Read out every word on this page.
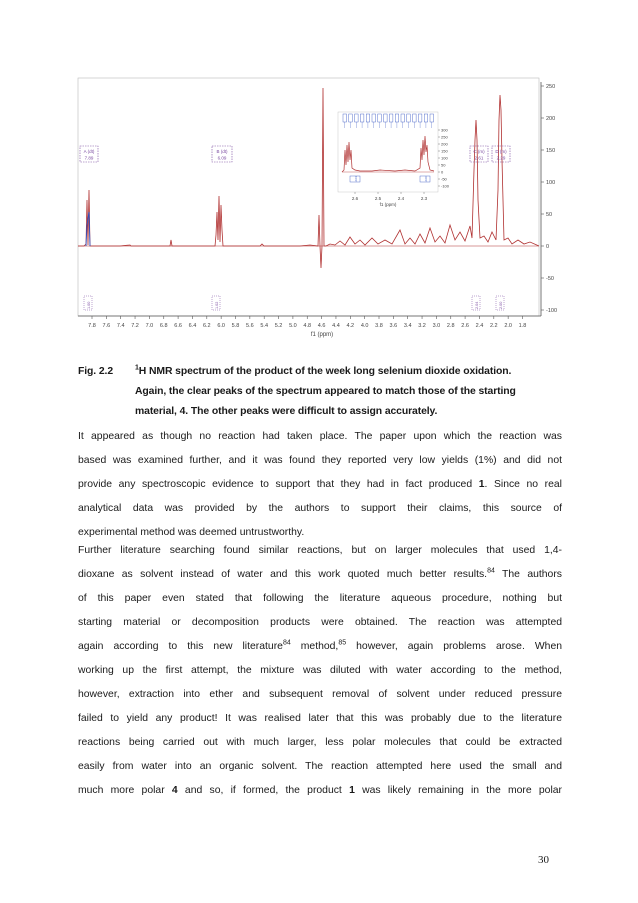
250
200
150
100
50
0
-50
-100
7.8 7.6 7.4 7.2 7.0 6.8 6.6 6.4 6.2 6.0 5.8 5.6 5.4 5.2 5.0 4.8 4.6 4.4 4.2 4.0 3.8 3.6 3.4 3.2 3.0 2.8 2.6 2.4 2.2 2.0 1.8
f1 (ppm)
A (dt)
7.89
B (dt)
6.09
C (m)
2.61
D (m)
2.29
1.00	1.02	2.04	2.00
2.04	2.00
300
250
200
150
100
50
0
-50
-100
2.6	2.5	2.4	2.3
f1 (ppm)
Fig. 2.2	$^1$H NMR spectrum of the product of the week long selenium dioxide oxidation.
Again, the clear peaks of the spectrum appeared to match those of the starting
material, 4. The other peaks were difficult to assign accurately.
It appeared as though no reaction had taken place. The paper upon which the reaction was
based was examined further, and it was found they reported very low yields (1%) and did not
provide any spectroscopic evidence to support that they had in fact produced 1. Since no real
analytical data was provided by the authors to support their claims, this source of
experimental method was deemed untrustworthy.
Further literature searching found similar reactions, but on larger molecules that used 1,4-
dioxane as solvent instead of water and this work quoted much better results.$^{84}$ The authors
of this paper even stated that following the literature aqueous procedure, nothing but
starting material or decomposition products were obtained. The reaction was attempted
again according to this new literature$^{84}$ method,$^{85}$ however, again problems arose. When
working up the first attempt, the mixture was diluted with water according to the method,
however, extraction into ether and subsequent removal of solvent under reduced pressure
failed to yield any product! It was realised later that this was probably due to the literature
reactions being carried out with much larger, less polar molecules that could be extracted
easily from water into an organic solvent. The reaction attempted here used the small and
much more polar 4 and so, if formed, the product 1 was likely remaining in the more polar
30
